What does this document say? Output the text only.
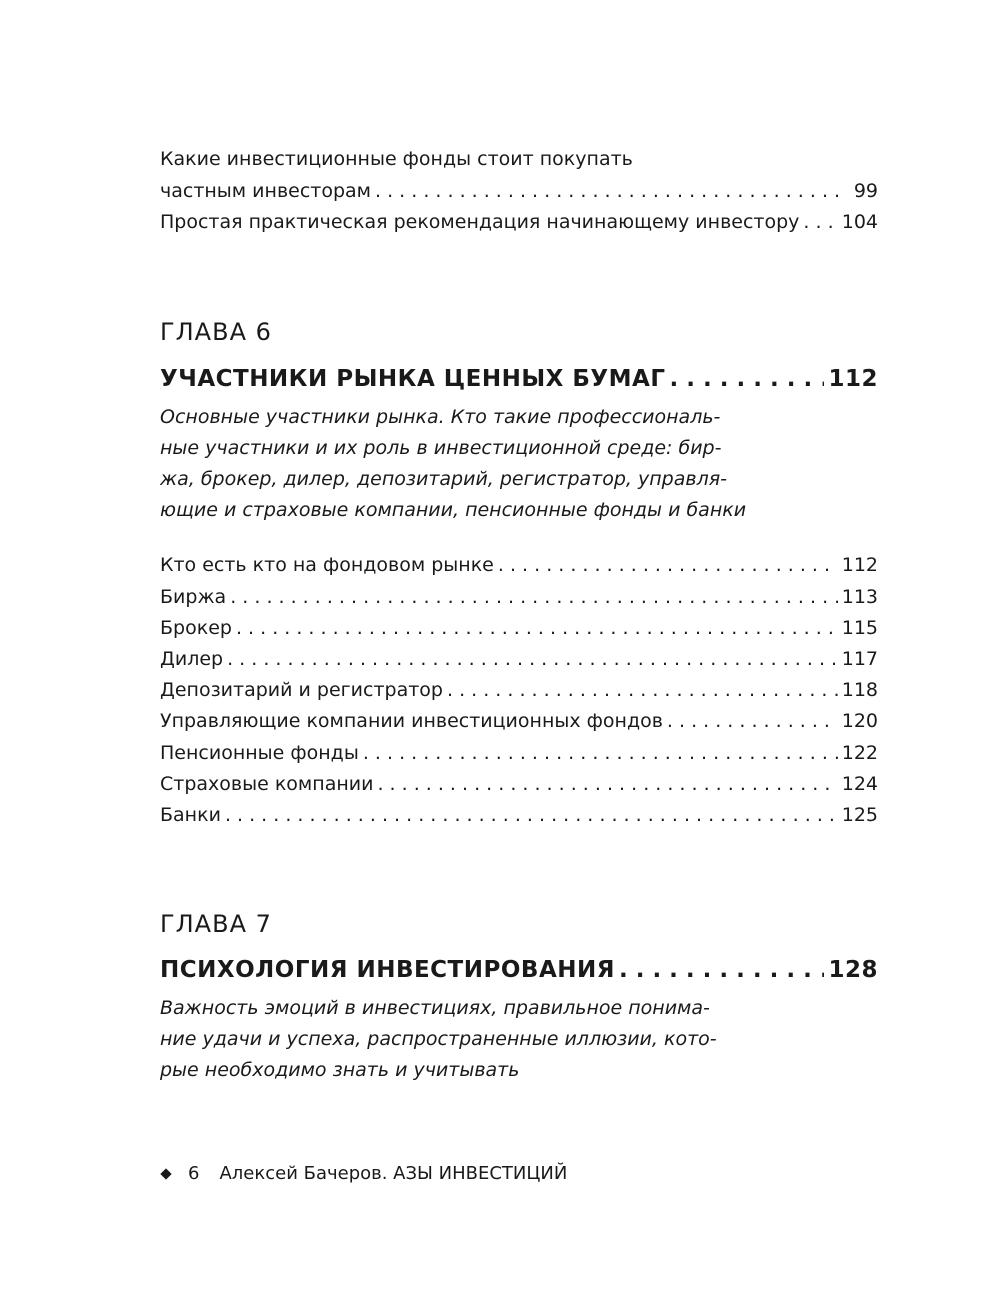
Какие инвестиционные фонды стоит покупать
частным инвесторам . . .	99
Простая практическая рекомендация начинающему инвестору . . . 104
ГЛАВА 6
УЧАСТНИКИ РЫНКА ЦЕННЫХ БУМАГ . . .	112
Основные участники рынка. Кто такие профессиональ-
ные участники и их роль в инвестиционной среде: бир-
жа, брокер, дилер, депозитарий, регистратор, управля-
ющие и страховые компании, пенсионные фонды и банки
Кто есть кто на фондовом рынке . . .	112
Биржа . . .	113
Брокер . . .	115
Дилер . . .	117
Депозитарий и регистратор . . .	118
Управляющие компании инвестиционных фондов . . .	120
Пенсионные фонды . . .	122
Страховые компании . . .	124
Банки . . .	125
ГЛАВА 7
ПСИХОЛОГИЯ ИНВЕСТИРОВАНИЯ . . .	128
Важность эмоций в инвестициях, правильное понима-
ние удачи и успеха, распространенные иллюзии, кото-
рые необходимо знать и учитывать
6 Алексей Бачеров. АЗЫ ИНВЕСТИЦИЙ
